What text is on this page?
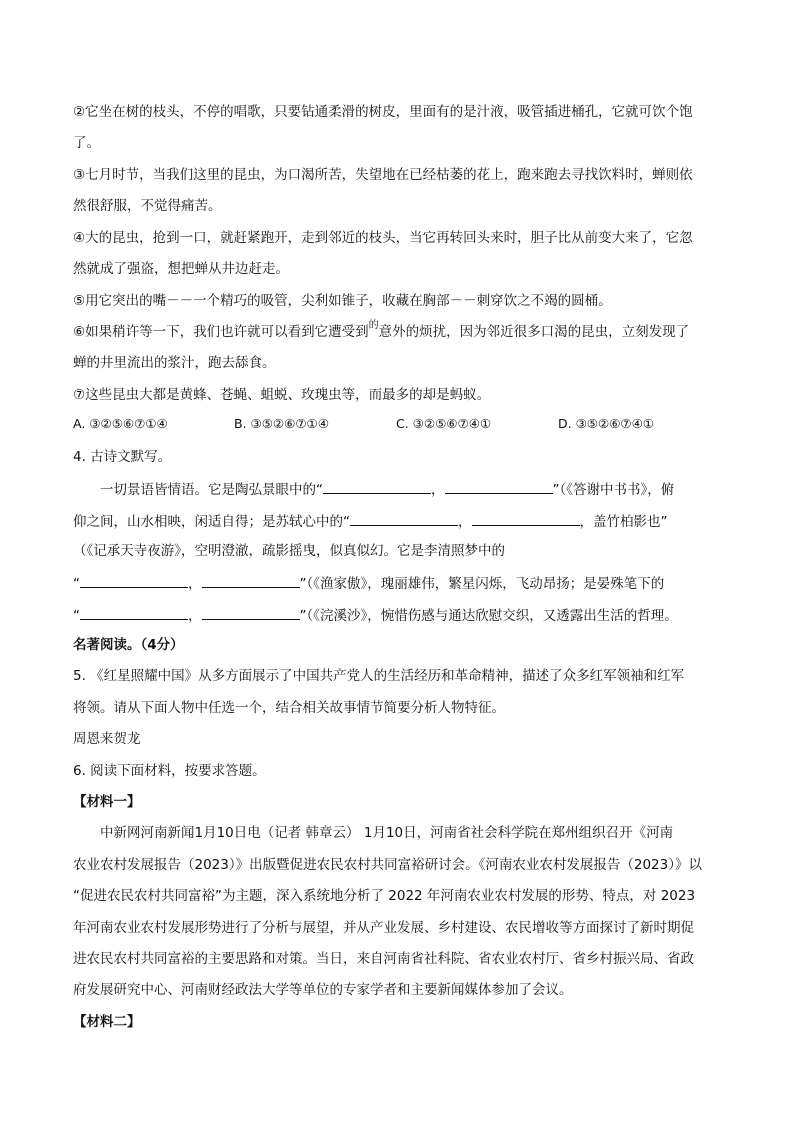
②它坐在树的枝头，不停的唱歌，只要钻通柔滑的树皮，里面有的是汁液，吸管插进桶孔，它就可饮个饱
了。
③七月时节，当我们这里的昆虫，为口渴所苦，失望地在已经枯萎的花上，跑来跑去寻找饮料时，蝉则依
然很舒服，不觉得痛苦。
④大的昆虫，抢到一口，就赶紧跑开，走到邻近的枝头，当它再转回头来时，胆子比从前变大来了，它忽
然就成了强盗，想把蝉从井边赶走。
⑤用它突出的嘴－－一个精巧的吸管，尖利如锥子，收藏在胸部－－刺穿饮之不竭的圆桶。
⑥如果稍许等一下，我们也许就可以看到它遭受到$^的$意外的烦扰，因为邻近很多口渴的昆虫，立刻发现了
蝉的井里流出的浆汁，跑去舔食。
⑦这些昆虫大都是黄蜂、苍蝇、蛆蜕、玫瑰虫等，而最多的却是蚂蚁。
A. ③②⑤⑥⑦①④	B. ③⑤②⑥⑦①④	C. ③②⑤⑥⑦④①	D. ③⑤②⑥⑦④①
4. 古诗文默写。
一切景语皆情语。它是陶弘景眼中的“	，	”（《答谢中书书》，俯
仰之间，山水相映，闲适自得；是苏轼心中的“	，	，盖竹柏影也”
（《记承天寺夜游》，空明澄澈，疏影摇曳，似真似幻。它是李清照梦中的
“	，	”（《渔家傲》，瑰丽雄伟，繁星闪烁，飞动昂扬；是晏殊笔下的
“	，	”（《浣溪沙》，惋惜伤感与通达欣慰交织，又透露出生活的哲理。
名著阅读。（4分）
5. 《红星照耀中国》从多方面展示了中国共产党人的生活经历和革命精神，描述了众多红军领袖和红军
将领。请从下面人物中任选一个，结合相关故事情节简要分析人物特征。
周恩来贺龙
6. 阅读下面材料，按要求答题。
【材料一】
中新网河南新闻1月10日电（记者 韩章云） 1月10日，河南省社会科学院在郑州组织召开《河南
农业农村发展报告（2023）》出版暨促进农民农村共同富裕研讨会。《河南农业农村发展报告（2023）》以
“促进农民农村共同富裕”为主题，深入系统地分析了 2022 年河南农业农村发展的形势、特点，对 2023
年河南农业农村发展形势进行了分析与展望，并从产业发展、乡村建设、农民增收等方面探讨了新时期促
进农民农村共同富裕的主要思路和对策。当日，来自河南省社科院、省农业农村厅、省乡村振兴局、省政
府发展研究中心、河南财经政法大学等单位的专家学者和主要新闻媒体参加了会议。
【材料二】
